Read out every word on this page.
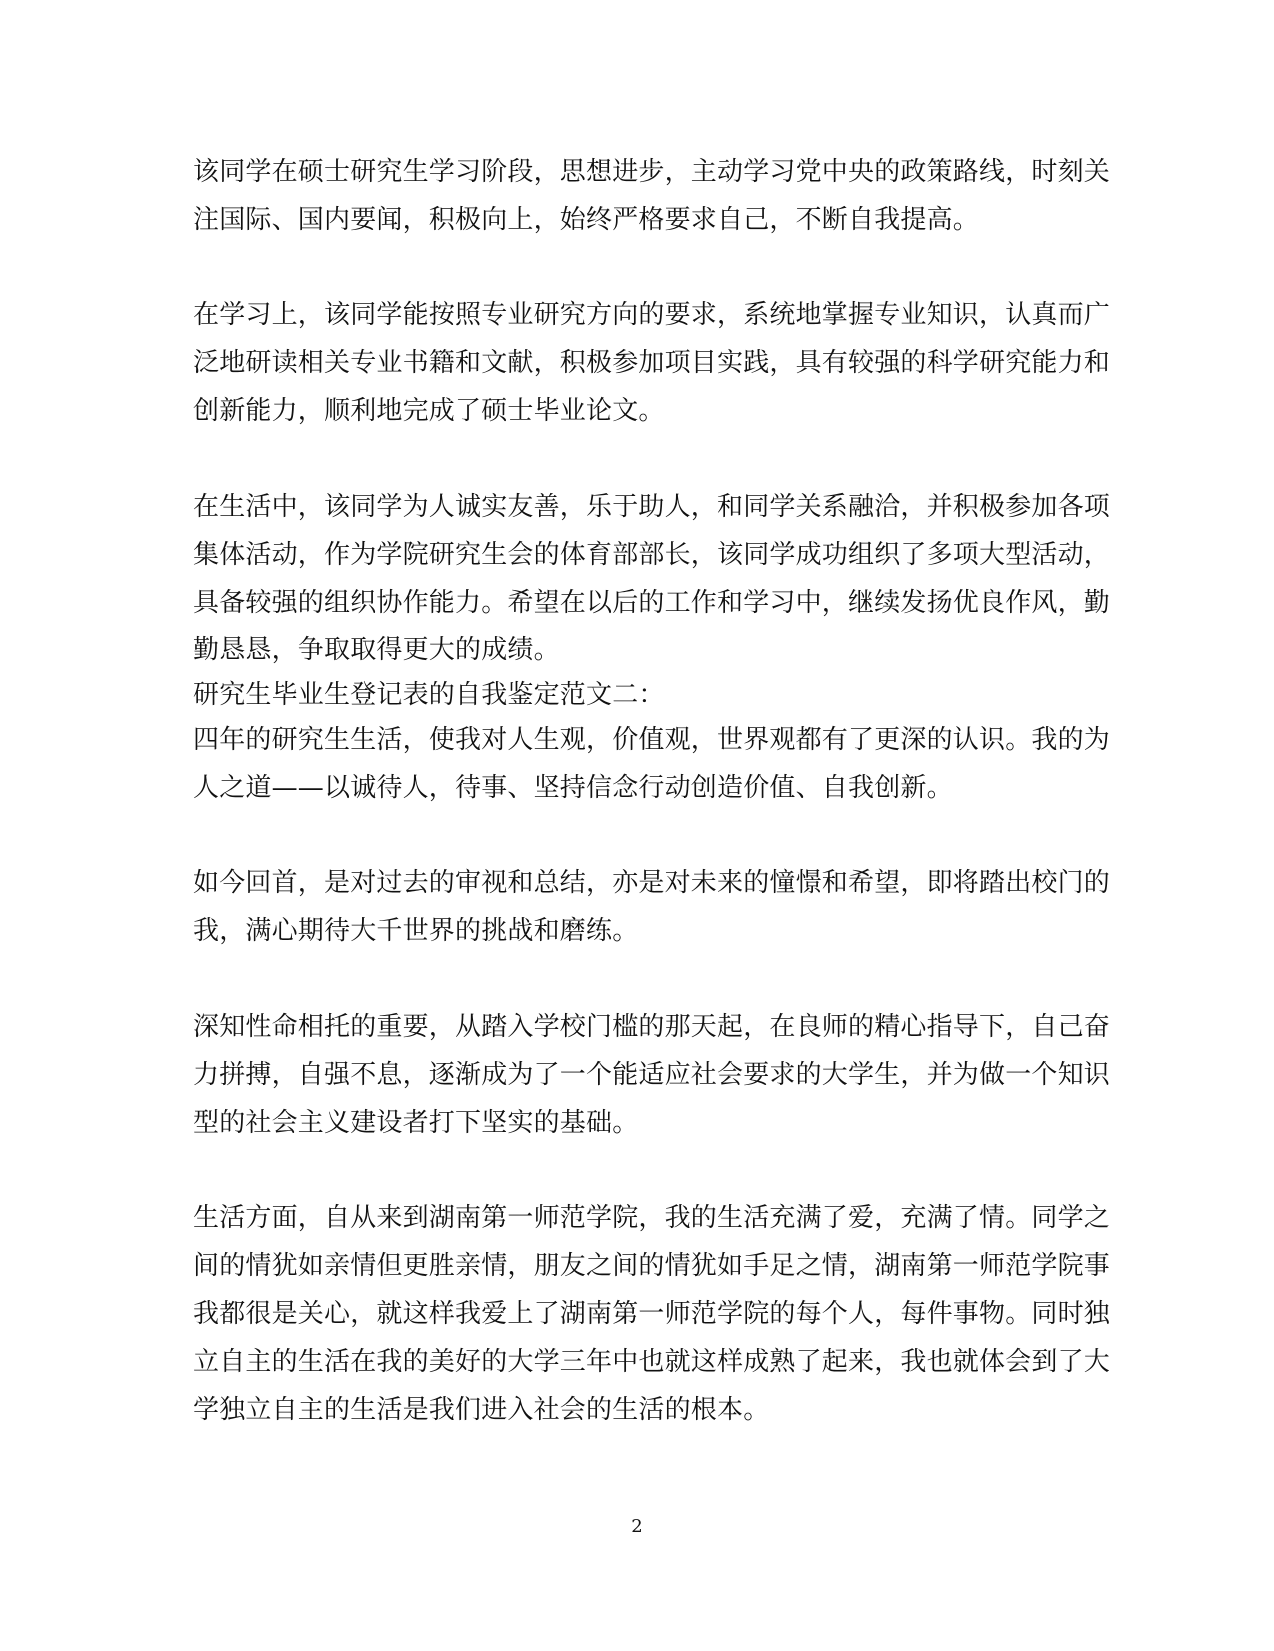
该同学在硕士研究生学习阶段，思想进步，主动学习党中央的政策路线，时刻关
注国际、国内要闻，积极向上，始终严格要求自己，不断自我提高。
在学习上，该同学能按照专业研究方向的要求，系统地掌握专业知识，认真而广
泛地研读相关专业书籍和文献，积极参加项目实践，具有较强的科学研究能力和
创新能力，顺利地完成了硕士毕业论文。
在生活中，该同学为人诚实友善，乐于助人，和同学关系融洽，并积极参加各项
集体活动，作为学院研究生会的体育部部长，该同学成功组织了多项大型活动，
具备较强的组织协作能力。希望在以后的工作和学习中，继续发扬优良作风，勤
勤恳恳，争取取得更大的成绩。
研究生毕业生登记表的自我鉴定范文二：
四年的研究生生活，使我对人生观，价值观，世界观都有了更深的认识。我的为
人之道——以诚待人，待事、坚持信念行动创造价值、自我创新。
如今回首，是对过去的审视和总结，亦是对未来的憧憬和希望，即将踏出校门的
我，满心期待大千世界的挑战和磨练。
深知性命相托的重要，从踏入学校门槛的那天起，在良师的精心指导下，自己奋
力拼搏，自强不息，逐渐成为了一个能适应社会要求的大学生，并为做一个知识
型的社会主义建设者打下坚实的基础。
生活方面，自从来到湖南第一师范学院，我的生活充满了爱，充满了情。同学之
间的情犹如亲情但更胜亲情，朋友之间的情犹如手足之情，湖南第一师范学院事
我都很是关心，就这样我爱上了湖南第一师范学院的每个人，每件事物。同时独
立自主的生活在我的美好的大学三年中也就这样成熟了起来，我也就体会到了大
学独立自主的生活是我们进入社会的生活的根本。
2
